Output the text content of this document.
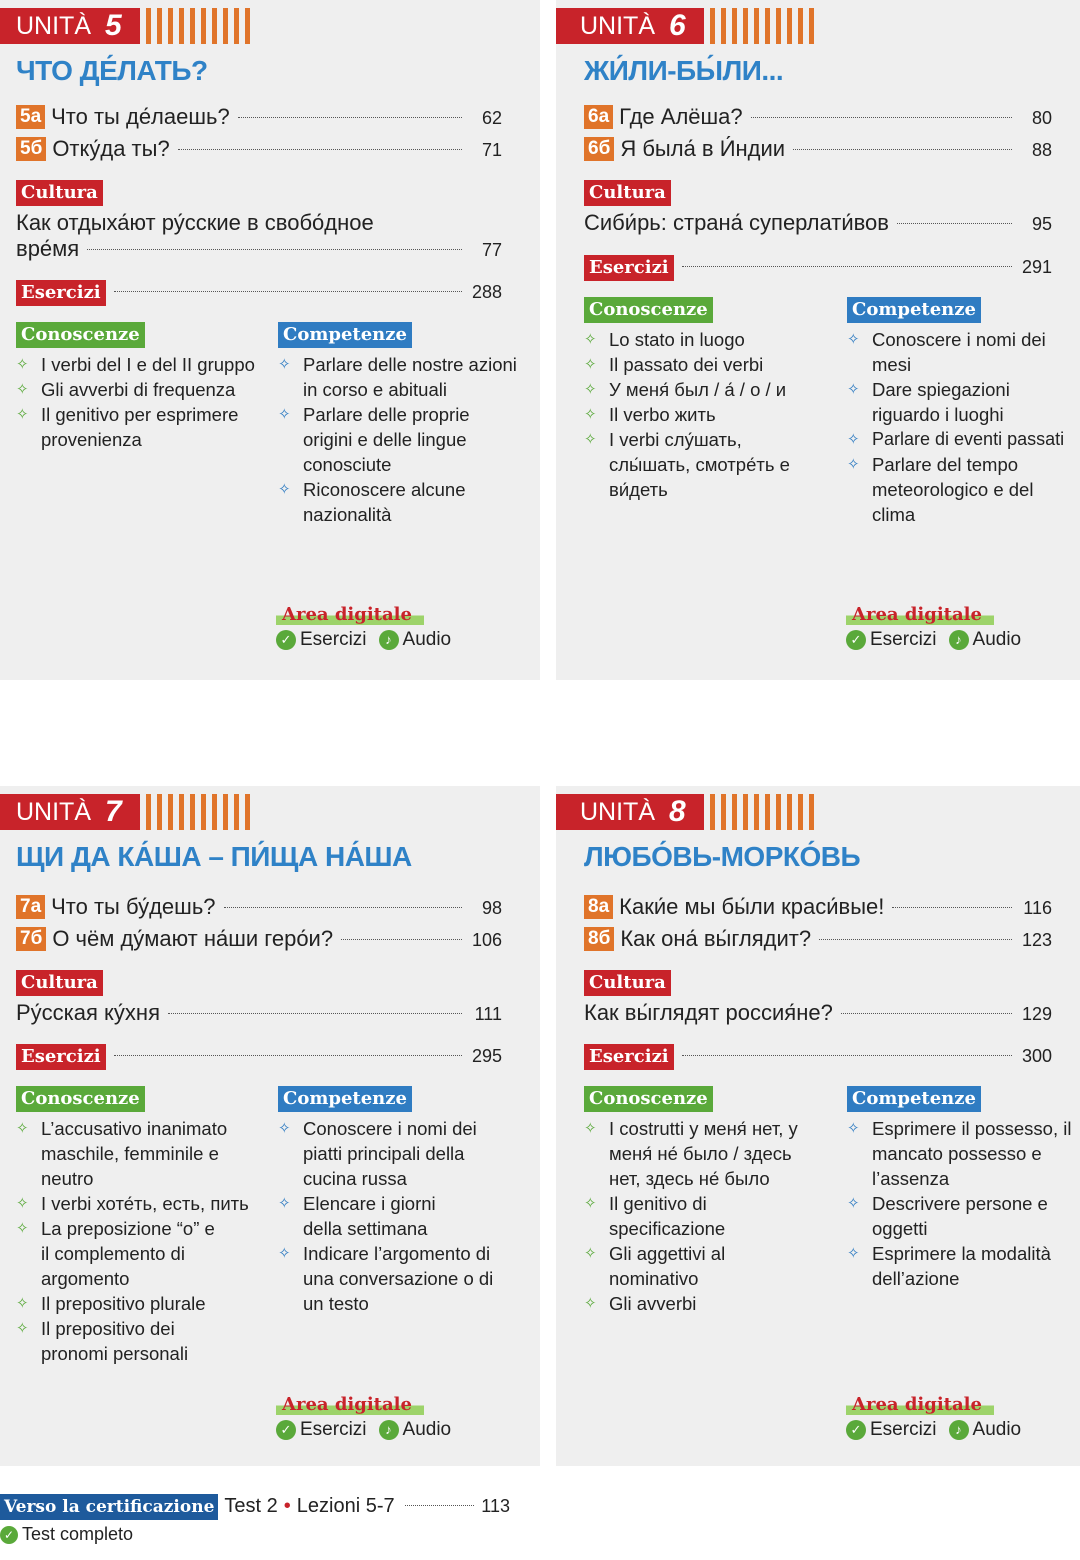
UNITÀ 5
ЧТО ДЕ́ЛАТЬ?
5а Что ты де́лаешь?	62
5б Отку́да ты?	71
Cultura
Как отдыха́ют ру́сские в свобо́дное
вре́мя	77
Esercizi	288
Conoscenze
✧ I verbi del I e del II gruppo
✧ Gli avverbi di frequenza
✧ Il genitivo per esprimere provenienza
Competenze
✧ Parlare delle nostre azioni in corso e abituali
✧ Parlare delle proprie origini e delle lingue conosciute
✧ Riconoscere alcune nazionalità
Area digitale
✓ Esercizi	♪ Audio
UNITÀ 6
ЖИ́ЛИ-БЫ́ЛИ...
6а Где Алёша?	80
6б Я была́ в И́ндии	88
Cultura
Сиби́рь: страна́ суперлати́вов	95
Esercizi	291
Conoscenze
✧ Lo stato in luogo
✧ Il passato dei verbi
✧ У меня́ был / а́ / о / и
✧ Il verbo жить
✧ I verbi слу́шать, слы́шать, смотре́ть е ви́деть
Competenze
✧ Conoscere i nomi dei mesi
✧ Dare spiegazioni riguardo i luoghi
✧ Parlare di eventi passati
✧ Parlare del tempo meteorologico e del clima
Area digitale
✓ Esercizi	♪ Audio
UNITÀ 7
ЩИ ДА КА́ША – ПИ́ЩА НА́ША
7а Что ты бу́дешь?	98
7б О чём ду́мают на́ши геро́и?	106
Cultura
Ру́сская ку́хня	111
Esercizi	295
Conoscenze
✧ L’accusativo inanimato maschile, femminile e neutro
✧ I verbi хоте́ть, есть, пить
✧ La preposizione “о” e il complemento di argomento
✧ Il prepositivo plurale
✧ Il prepositivo dei pronomi personali
Competenze
✧ Conoscere i nomi dei piatti principali della cucina russa
✧ Elencare i giorni della settimana
✧ Indicare l’argomento di una conversazione o di un testo
Area digitale
✓ Esercizi	♪ Audio
UNITÀ 8
ЛЮБО́ВЬ-МОРКО́ВЬ
8а Каки́е мы бы́ли краси́вые!	116
8б Как она́ вы́глядит?	123
Cultura
Как вы́глядят россия́не?	129
Esercizi	300
Conoscenze
✧ I costrutti у меня́ нет, у меня́ не́ было / здесь нет, здесь не́ было
✧ Il genitivo di specificazione
✧ Gli aggettivi al nominativo
✧ Gli avverbi
Competenze
✧ Esprimere il possesso, il mancato possesso e l’assenza
✧ Descrivere persone e oggetti
✧ Esprimere la modalità dell’azione
Area digitale
✓ Esercizi	♪ Audio
Verso la certificazione Test 2 • Lezioni 5-7	113
✓ Test completo
